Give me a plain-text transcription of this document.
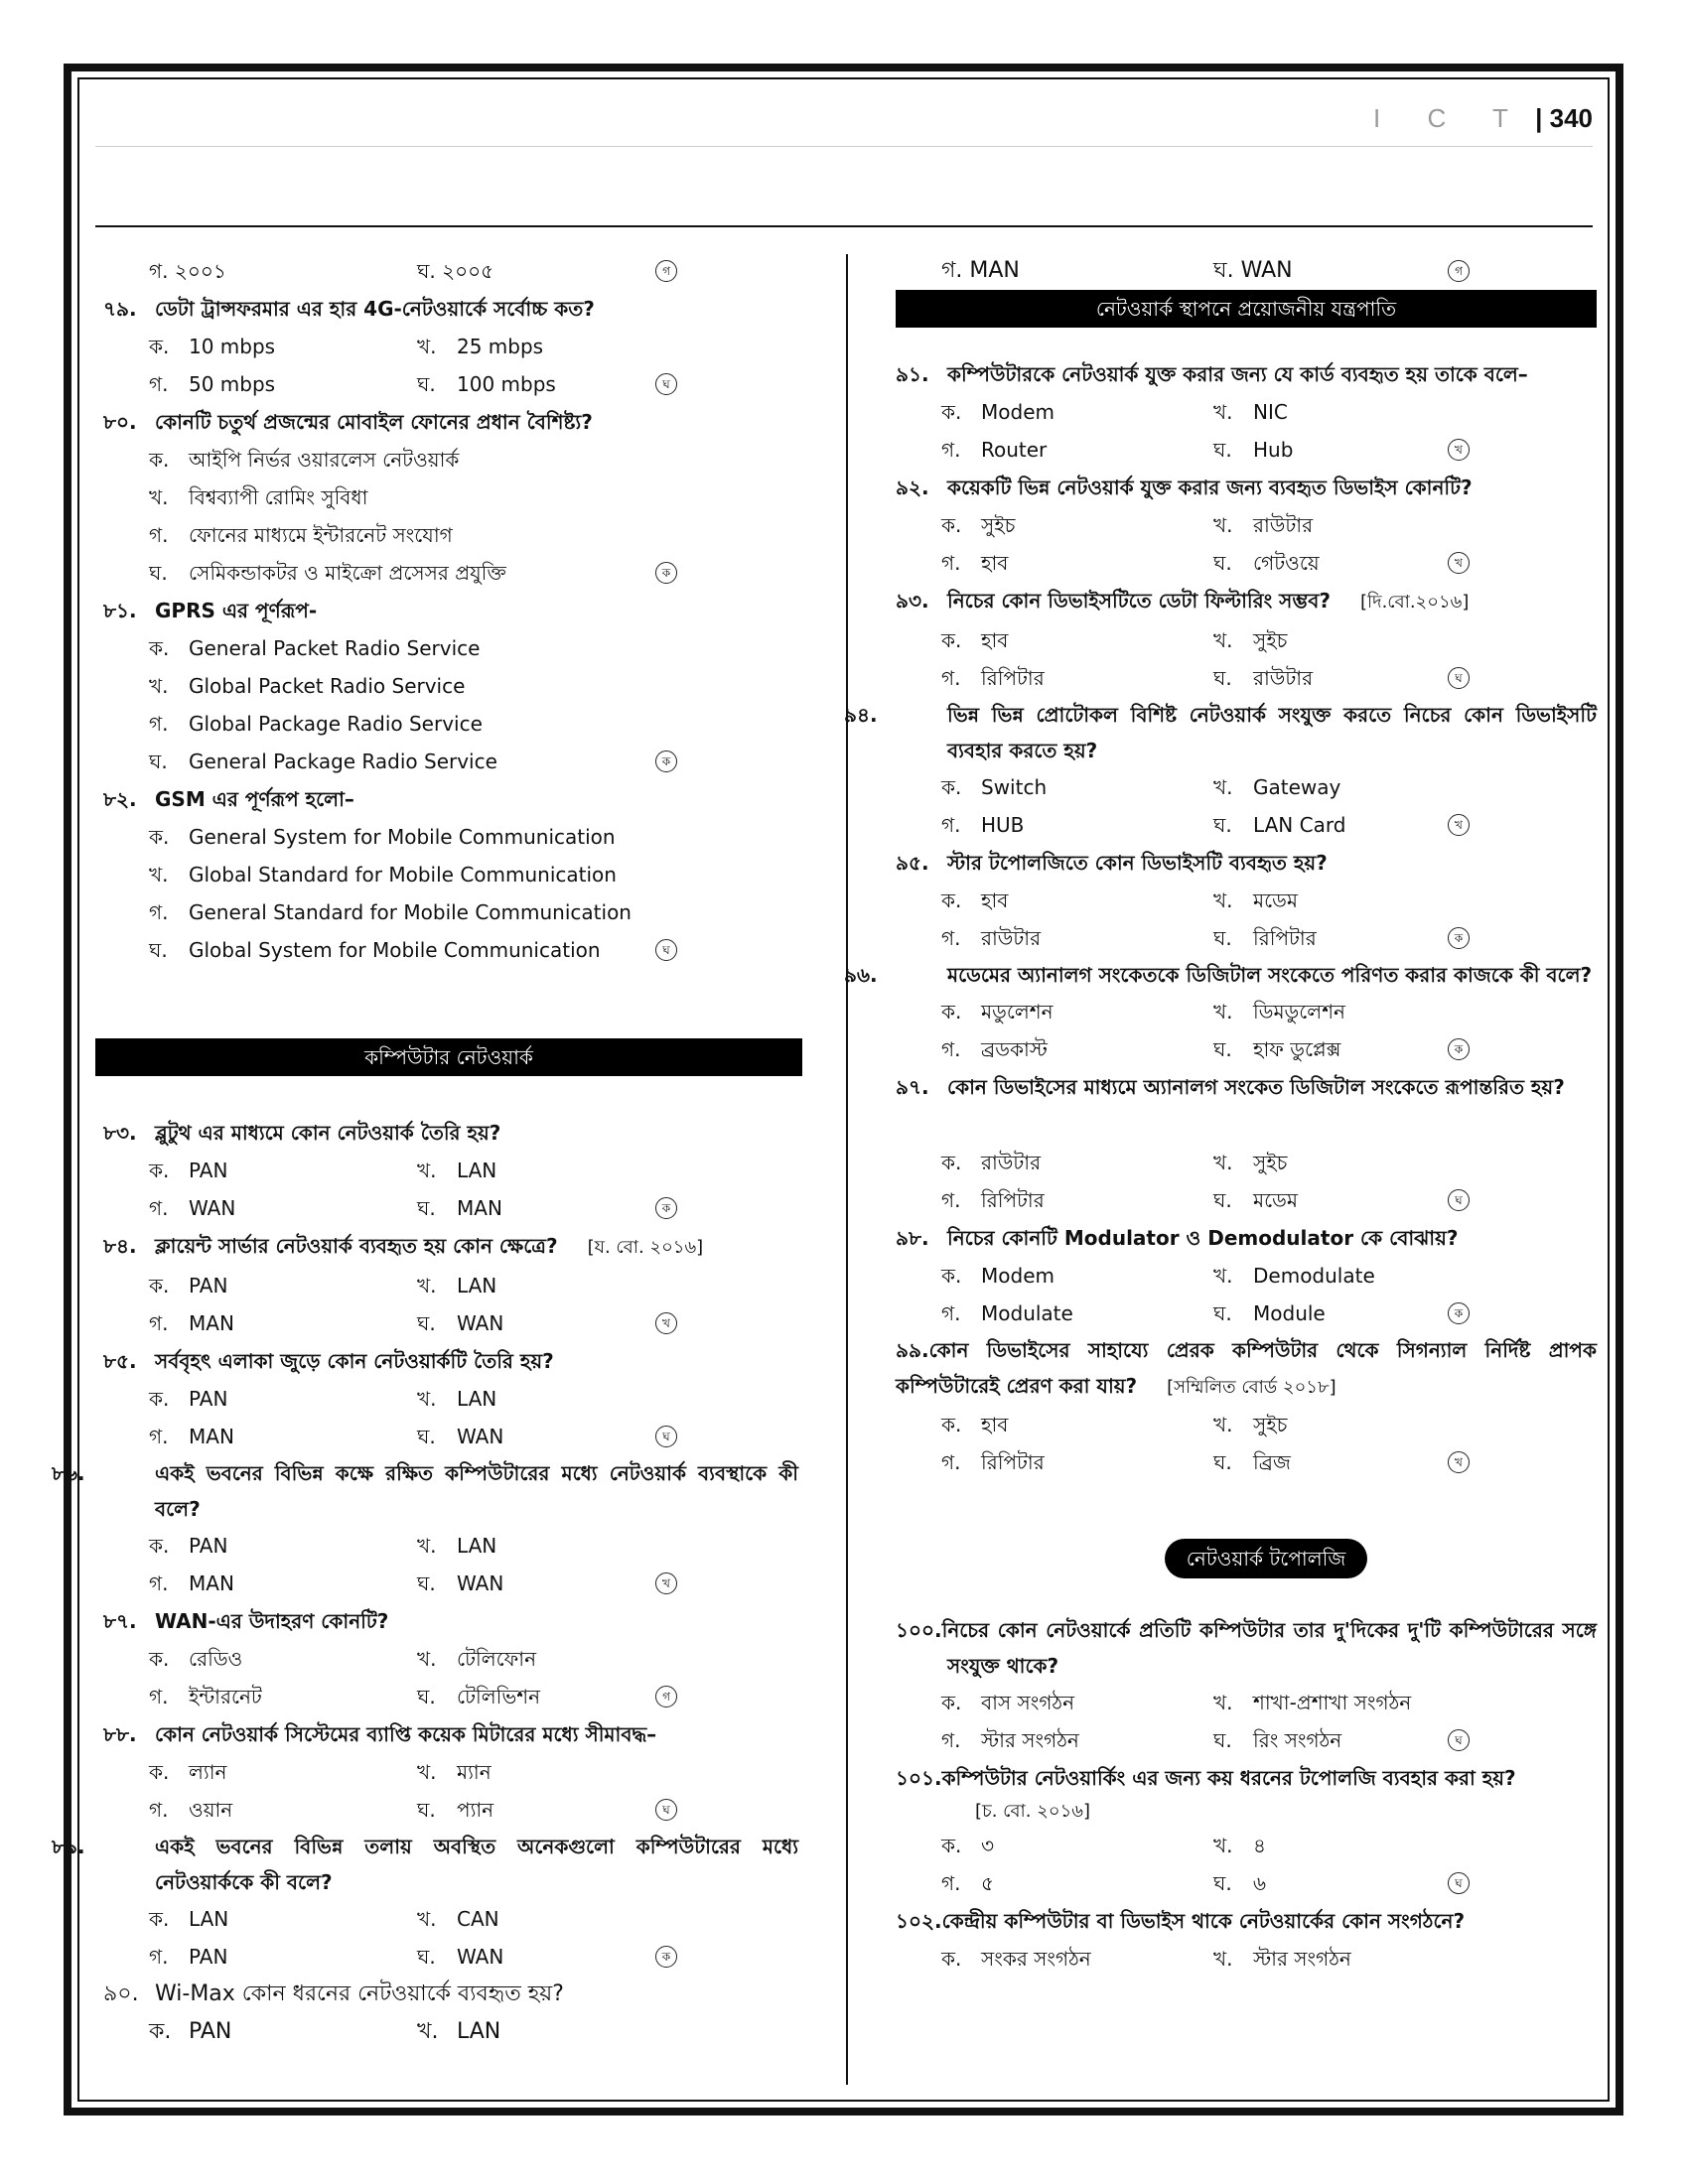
I C T | 340
গ. ২০০১	ঘ. ২০০৫	গ
৭৯. ডেটা ট্রান্সফরমার এর হার 4G-নেটওয়ার্কে সর্বোচ্চ কত?
ক. 10 mbps	খ. 25 mbps
গ. 50 mbps	ঘ. 100 mbps	ঘ
৮০. কোনটি চতুর্থ প্রজন্মের মোবাইল ফোনের প্রধান বৈশিষ্ট্য?
ক. আইপি নির্ভর ওয়ারলেস নেটওয়ার্ক
খ. বিশ্বব্যাপী রোমিং সুবিধা
গ. ফোনের মাধ্যমে ইন্টারনেট সংযোগ
ঘ. সেমিকন্ডাকটর ও মাইক্রো প্রসেসর প্রযুক্তি	ক
৮১. GPRS এর পূর্ণরূপ-
ক. General Packet Radio Service
খ. Global Packet Radio Service
গ. Global Package Radio Service
ঘ. General Package Radio Service	ক
৮২. GSM এর পূর্ণরূপ হলো–
ক. General System for Mobile Communication
খ. Global Standard for Mobile Communication
গ. General Standard for Mobile Communication
ঘ. Global System for Mobile Communication	ঘ
কম্পিউটার নেটওয়ার্ক
৮৩. ব্লুটুথ এর মাধ্যমে কোন নেটওয়ার্ক তৈরি হয়?
ক. PAN	খ. LAN
গ. WAN	ঘ. MAN	ক
৮৪. ক্লায়েন্ট সার্ভার নেটওয়ার্ক ব্যবহৃত হয় কোন ক্ষেত্রে? [য. বো. ২০১৬]
ক. PAN	খ. LAN
গ. MAN	ঘ. WAN	খ
৮৫. সর্ববৃহৎ এলাকা জুড়ে কোন নেটওয়ার্কটি তৈরি হয়?
ক. PAN	খ. LAN
গ. MAN	ঘ. WAN	ঘ
৮৬.	একই ভবনের বিভিন্ন কক্ষে রক্ষিত কম্পিউটারের মধ্যে নেটওয়ার্ক ব্যবস্থাকে কী বলে?
ক. PAN	খ. LAN
গ. MAN	ঘ. WAN	খ
৮৭. WAN-এর উদাহরণ কোনটি?
ক. রেডিও	খ. টেলিফোন
গ. ইন্টারনেট	ঘ. টেলিভিশন	গ
৮৮. কোন নেটওয়ার্ক সিস্টেমের ব্যাপ্তি কয়েক মিটারের মধ্যে সীমাবদ্ধ–
ক. ল্যান	খ. ম্যান
গ. ওয়ান	ঘ. প্যান	ঘ
৮৯.	একই ভবনের বিভিন্ন তলায় অবস্থিত অনেকগুলো কম্পিউটারের মধ্যে নেটওয়ার্ককে কী বলে?
ক. LAN	খ. CAN
গ. PAN	ঘ. WAN	ক
৯০. Wi-Max কোন ধরনের নেটওয়ার্কে ব্যবহৃত হয়?
ক. PAN	খ. LAN
গ. MAN	ঘ. WAN	গ
নেটওয়ার্ক স্থাপনে প্রয়োজনীয় যন্ত্রপাতি
৯১. কম্পিউটারকে নেটওয়ার্ক যুক্ত করার জন্য যে কার্ড ব্যবহৃত হয় তাকে বলে–
ক. Modem	খ. NIC
গ. Router	ঘ. Hub	খ
৯২. কয়েকটি ভিন্ন নেটওয়ার্ক যুক্ত করার জন্য ব্যবহৃত ডিভাইস কোনটি?
ক. সুইচ	খ. রাউটার
গ. হাব	ঘ. গেটওয়ে	খ
৯৩. নিচের কোন ডিভাইসটিতে ডেটা ফিল্টারিং সম্ভব? [দি.বো.২০১৬]
ক. হাব	খ. সুইচ
গ. রিপিটার	ঘ. রাউটার	ঘ
৯৪.	ভিন্ন ভিন্ন প্রোটোকল বিশিষ্ট নেটওয়ার্ক সংযুক্ত করতে নিচের কোন ডিভাইসটি ব্যবহার করতে হয়?
ক. Switch	খ. Gateway
গ. HUB	ঘ. LAN Card	খ
৯৫. স্টার টপোলজিতে কোন ডিভাইসটি ব্যবহৃত হয়?
ক. হাব	খ. মডেম
গ. রাউটার	ঘ. রিপিটার	ক
৯৬.	মডেমের অ্যানালগ সংকেতকে ডিজিটাল সংকেতে পরিণত করার কাজকে কী বলে?
ক. মডুলেশন	খ. ডিমডুলেশন
গ. ব্রডকাস্ট	ঘ. হাফ ডুপ্লেক্স	ক
৯৭. কোন ডিভাইসের মাধ্যমে অ্যানালগ সংকেত ডিজিটাল সংকেতে রূপান্তরিত হয়?
ক. রাউটার	খ. সুইচ
গ. রিপিটার	ঘ. মডেম	ঘ
৯৮. নিচের কোনটি Modulator ও Demodulator কে বোঝায়?
ক. Modem	খ. Demodulate
গ. Modulate	ঘ. Module	ক
৯৯.কোন ডিভাইসের সাহায্যে প্রেরক কম্পিউটার থেকে সিগন্যাল নির্দিষ্ট প্রাপক কম্পিউটারেই প্রেরণ করা যায়? [সম্মিলিত বোর্ড ২০১৮]
ক. হাব	খ. সুইচ
গ. রিপিটার	ঘ. ব্রিজ	খ
নেটওয়ার্ক টপোলজি
১০০.নিচের কোন নেটওয়ার্কে প্রতিটি কম্পিউটার তার দু'দিকের দু'টি কম্পিউটারের সঙ্গে সংযুক্ত থাকে?
ক. বাস সংগঠন	খ. শাখা-প্রশাখা সংগঠন
গ. স্টার সংগঠন	ঘ. রিং সংগঠন	ঘ
১০১.কম্পিউটার নেটওয়ার্কিং এর জন্য কয় ধরনের টপোলজি ব্যবহার করা হয়?
[চ. বো. ২০১৬]
ক. ৩	খ. ৪
গ. ৫	ঘ. ৬	ঘ
১০২.কেন্দ্রীয় কম্পিউটার বা ডিভাইস থাকে নেটওয়ার্কের কোন সংগঠনে?
ক. সংকর সংগঠন	খ. স্টার সংগঠন
